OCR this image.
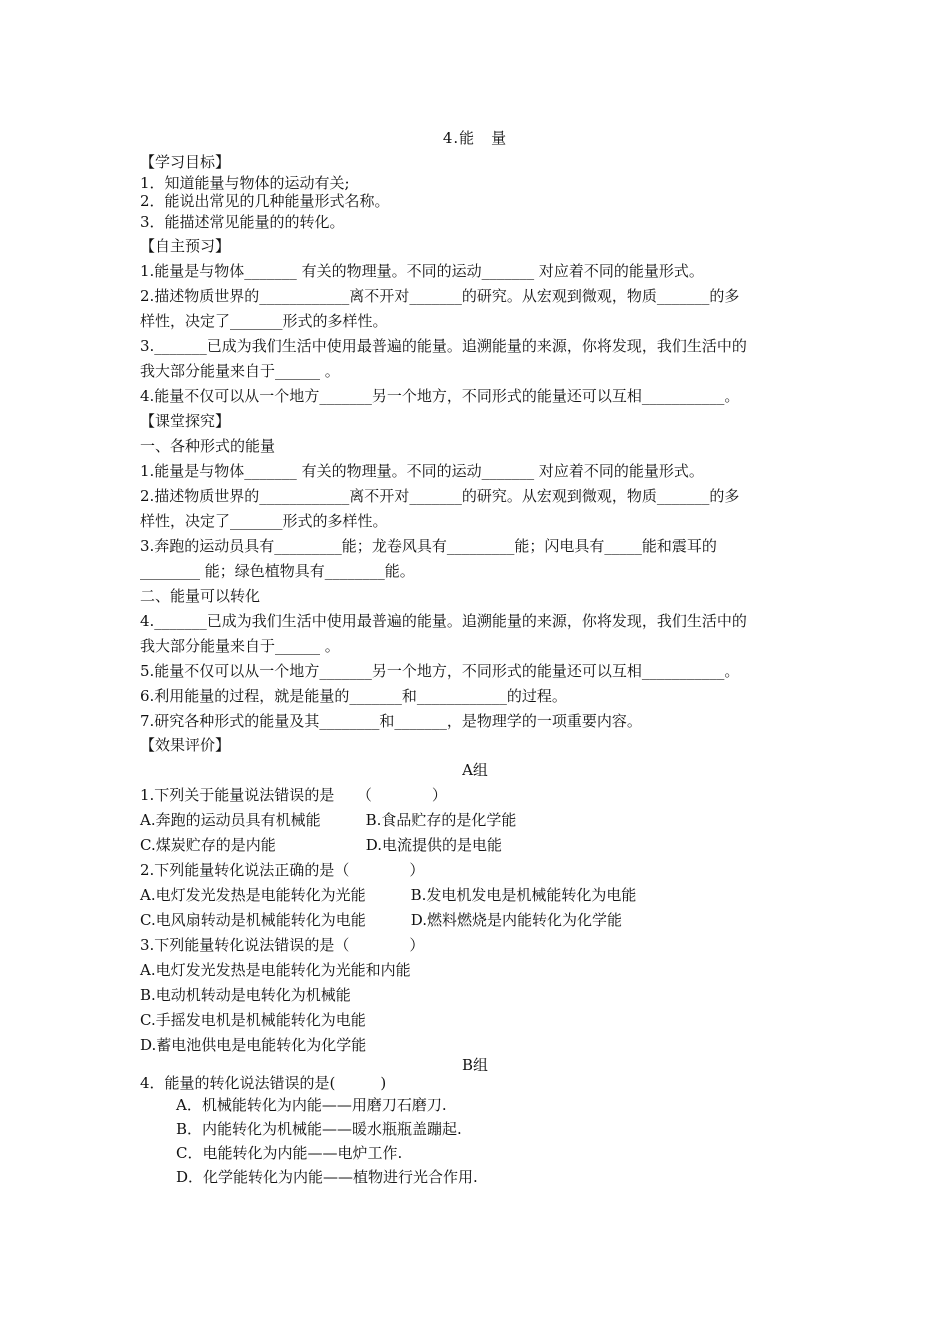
4.能　量
【学习目标】
1．知道能量与物体的运动有关;
2．能说出常见的几种能量形式名称。
3．能描述常见能量的的转化。
【自主预习】
1.能量是与物体_______ 有关的物理量。不同的运动_______ 对应着不同的能量形式。
2.描述物质世界的____________离不开对_______的研究。从宏观到微观，物质_______的多
样性，决定了_______形式的多样性。
3._______已成为我们生活中使用最普遍的能量。追溯能量的来源，你将发现，我们生活中的
我大部分能量来自于______ 。
4.能量不仅可以从一个地方_______另一个地方，不同形式的能量还可以互相___________。
【课堂探究】
一、各种形式的能量
1.能量是与物体_______ 有关的物理量。不同的运动_______ 对应着不同的能量形式。
2.描述物质世界的____________离不开对_______的研究。从宏观到微观，物质_______的多
样性，决定了_______形式的多样性。
3.奔跑的运动员具有_________能；龙卷风具有_________能；闪电具有_____能和震耳的
________ 能；绿色植物具有________能。
二、能量可以转化
4._______已成为我们生活中使用最普遍的能量。追溯能量的来源，你将发现，我们生活中的
我大部分能量来自于______ 。
5.能量不仅可以从一个地方_______另一个地方，不同形式的能量还可以互相___________。
6.利用能量的过程，就是能量的_______和____________的过程。
7.研究各种形式的能量及其________和_______，是物理学的一项重要内容。
【效果评价】
A组
1.下列关于能量说法错误的是　　（　　　　）
A.奔跑的运动员具有机械能　　　B.食品贮存的是化学能
C.煤炭贮存的是内能　　　　　　D.电流提供的是电能
2.下列能量转化说法正确的是（　　　　）
A.电灯发光发热是电能转化为光能　　　B.发电机发电是机械能转化为电能
C.电风扇转动是机械能转化为电能　　　D.燃料燃烧是内能转化为化学能
3.下列能量转化说法错误的是（　　　　）
A.电灯发光发热是电能转化为光能和内能
B.电动机转动是电转化为机械能
C.手摇发电机是机械能转化为电能
D.蓄电池供电是电能转化为化学能
B组
4．能量的转化说法错误的是(　　　)
A．机械能转化为内能——用磨刀石磨刀.
B．内能转化为机械能——暖水瓶瓶盖蹦起.
C．电能转化为内能——电炉工作.
D．化学能转化为内能——植物进行光合作用.
